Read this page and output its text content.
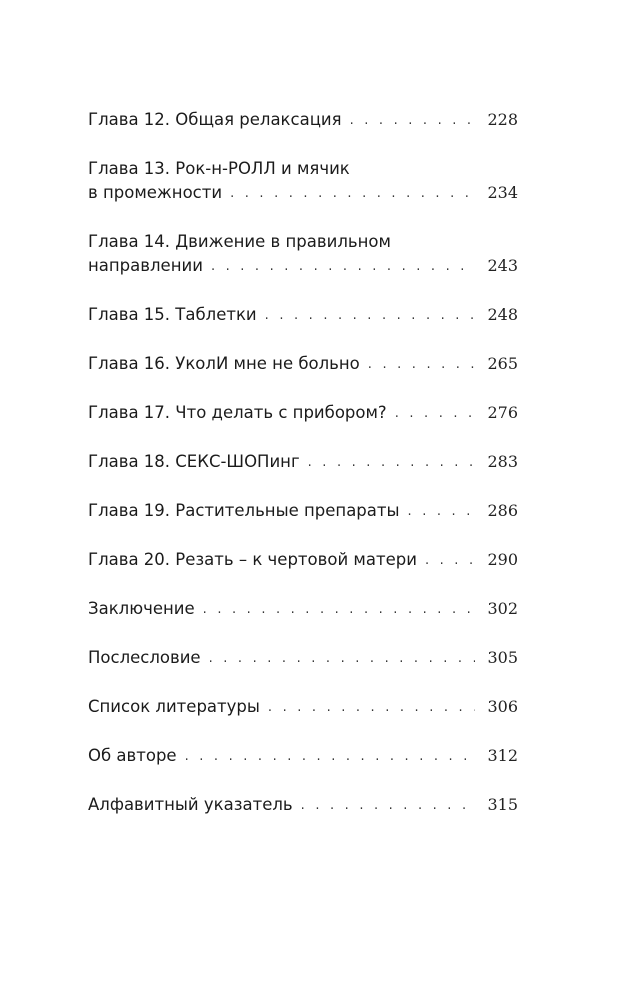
Глава 12. Общая релаксация . . .	228
Глава 13. Рок-н-РОЛЛ и мячик
в промежности . . .	234
Глава 14. Движение в правильном
направлении . . .	243
Глава 15. Таблетки . . .	248
Глава 16. УколИ мне не больно . . .	265
Глава 17. Что делать с прибором? . . .	276
Глава 18. СЕКС-ШОПинг . . .	283
Глава 19. Растительные препараты . . .	286
Глава 20. Резать – к чертовой матери . . .	290
Заключение . . .	302
Послесловие . . .	305
Список литературы . . .	306
Об авторе . . .	312
Алфавитный указатель . . .	315
